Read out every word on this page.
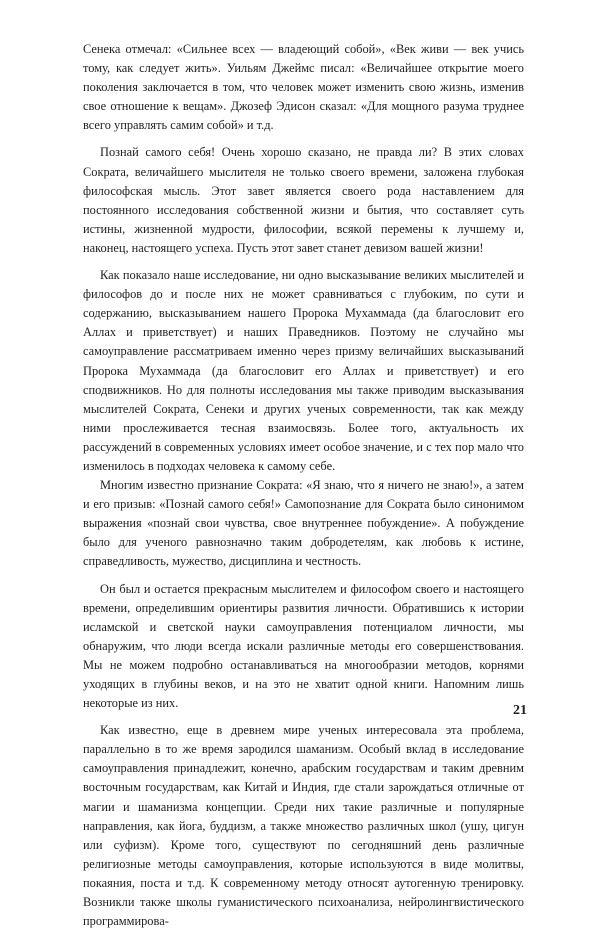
Сенека отмечал: «Сильнее всех — владеющий собой», «Век живи — век учись тому, как следует жить». Уильям Джеймс писал: «Величайшее открытие моего поколения заключается в том, что человек может изменить свою жизнь, изменив свое отношение к вещам». Джозеф Эдисон сказал: «Для мощного разума труднее всего управлять самим собой» и т.д.

Познай самого себя! Очень хорошо сказано, не правда ли? В этих словах Сократа, величайшего мыслителя не только своего времени, заложена глубокая философская мысль. Этот завет является своего рода наставлением для постоянного исследования собственной жизни и бытия, что составляет суть истины, жизненной мудрости, философии, всякой перемены к лучшему и, наконец, настоящего успеха. Пусть этот завет станет девизом вашей жизни!

Как показало наше исследование, ни одно высказывание великих мыслителей и философов до и после них не может сравниваться с глубоким, по сути и содержанию, высказыванием нашего Пророка Мухаммада (да благословит его Аллах и приветствует) и наших Праведников. Поэтому не случайно мы самоуправление рассматриваем именно через призму величайших высказываний Пророка Мухаммада (да благословит его Аллах и приветствует) и его сподвижников. Но для полноты исследования мы также приводим высказывания мыслителей Сократа, Сенеки и других ученых современности, так как между ними прослеживается тесная взаимосвязь. Более того, актуальность их рассуждений в современных условиях имеет особое значение, и с тех пор мало что изменилось в подходах человека к самому себе.

Многим известно признание Сократа: «Я знаю, что я ничего не знаю!», а затем и его призыв: «Познай самого себя!» Самопознание для Сократа было синонимом выражения «познай свои чувства, свое внутреннее побуждение». А побуждение было для ученого равнозначно таким добродетелям, как любовь к истине, справедливость, мужество, дисциплина и честность.

Он был и остается прекрасным мыслителем и философом своего и настоящего времени, определившим ориентиры развития личности. Обратившись к истории исламской и светской науки самоуправления потенциалом личности, мы обнаружим, что люди всегда искали различные методы его совершенствования. Мы не можем подробно останавливаться на многообразии методов, корнями уходящих в глубины веков, и на это не хватит одной книги. Напомним лишь некоторые из них.

Как известно, еще в древнем мире ученых интересовала эта проблема, параллельно в то же время зародился шаманизм. Особый вклад в исследование самоуправления принадлежит, конечно, арабским государствам и таким древним восточным государствам, как Китай и Индия, где стали зарождаться отличные от магии и шаманизма концепции. Среди них такие различные и популярные направления, как йога, буддизм, а также множество различных школ (ушу, цигун или суфизм). Кроме того, существуют по сегодняшний день различные религиозные методы самоуправления, которые используются в виде молитвы, покаяния, поста и т.д. К современному методу относят аутогенную тренировку. Возникли также школы гуманистического психоанализа, нейролингвистического программирова-

21
